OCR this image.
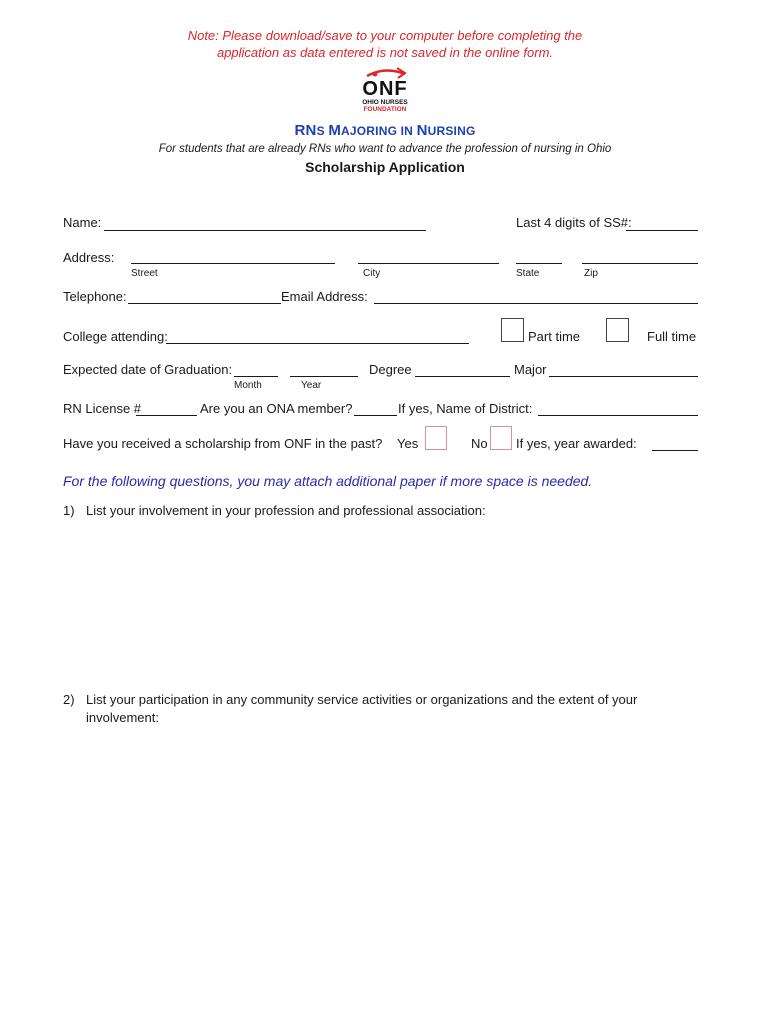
Note: Please download/save to your computer before completing the
application as data entered is not saved in the online form.
ONF
OHIO NURSES
FOUNDATION
RNS MAJORING IN NURSING
For students that are already RNs who want to advance the profession of nursing in Ohio
Scholarship Application
Name:	Last 4 digits of SS#:
Address:
Street	City	State	Zip
Telephone:	Email Address:
College attending:	Part time	Full time
Expected date of Graduation:
Month	Year
Degree	Major
RN License #	Are you an ONA member?	If yes, Name of District:
Have you received a scholarship from ONF in the past? Yes	No If yes, year awarded:
For the following questions, you may attach additional paper if more space is needed.
1) List your involvement in your profession and professional association:
2) List your participation in any community service activities or organizations and the extent of your
involvement:
